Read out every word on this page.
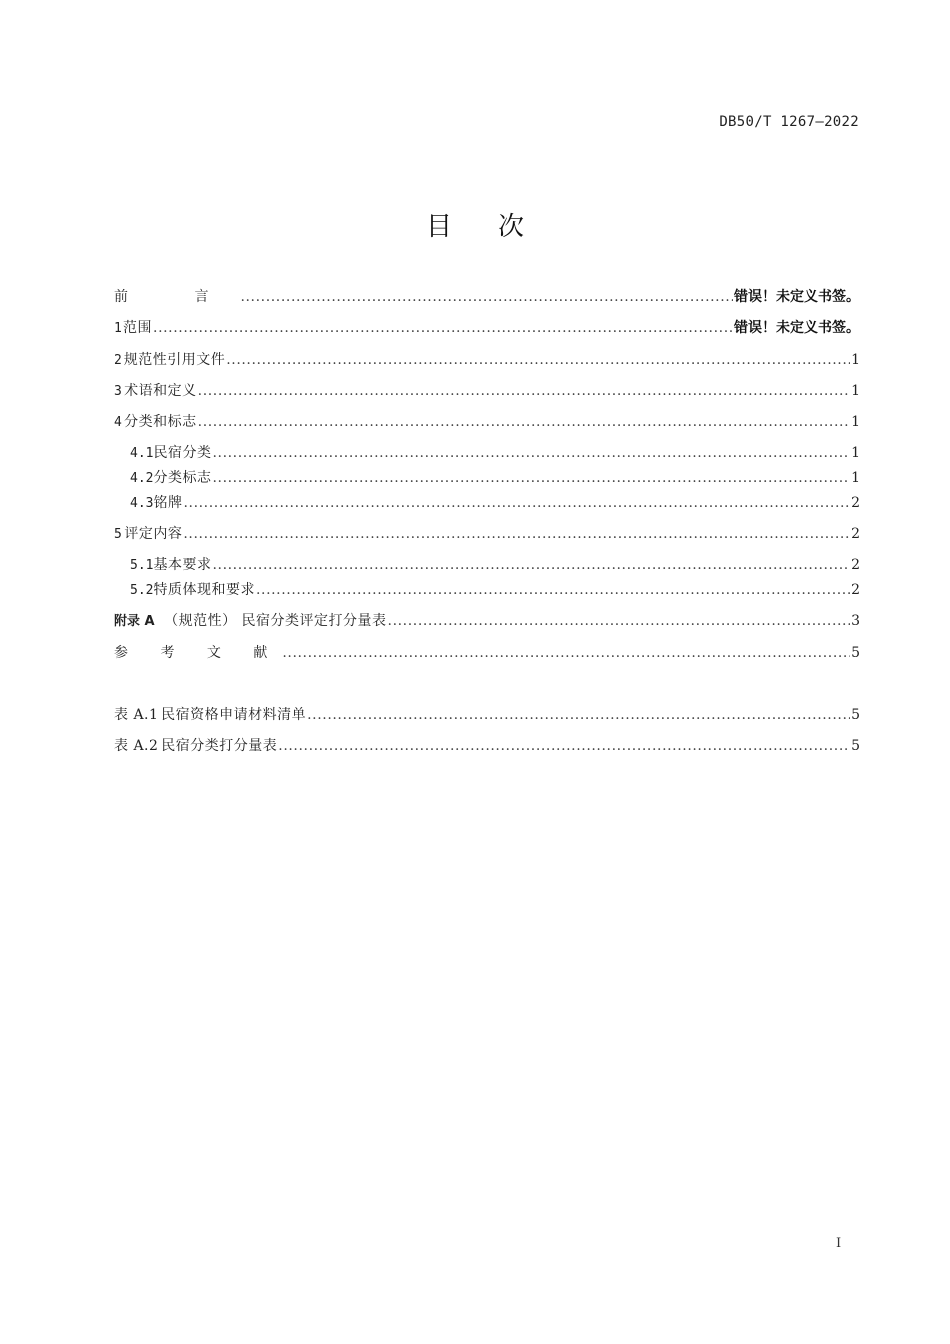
DB50/T 1267—2022
目 次
前 言 .....	错误！未定义书签。
1 范围 .....	错误！未定义书签。
2 规范性引用文件 .....	1
3 术语和定义 .....	1
4 分类和标志 .....	1
4.1 民宿分类 .....	1
4.2 分类标志 .....	1
4.3 铭牌 .....	2
5 评定内容 .....	2
5.1 基本要求 .....	2
5.2 特质体现和要求 .....	2
附录 A （规范性） 民宿分类评定打分量表 .....	3
参 考 文 献 .....	5
表 A.1 民宿资格申请材料清单 .....	5
表 A.2 民宿分类打分量表 .....	5
I
